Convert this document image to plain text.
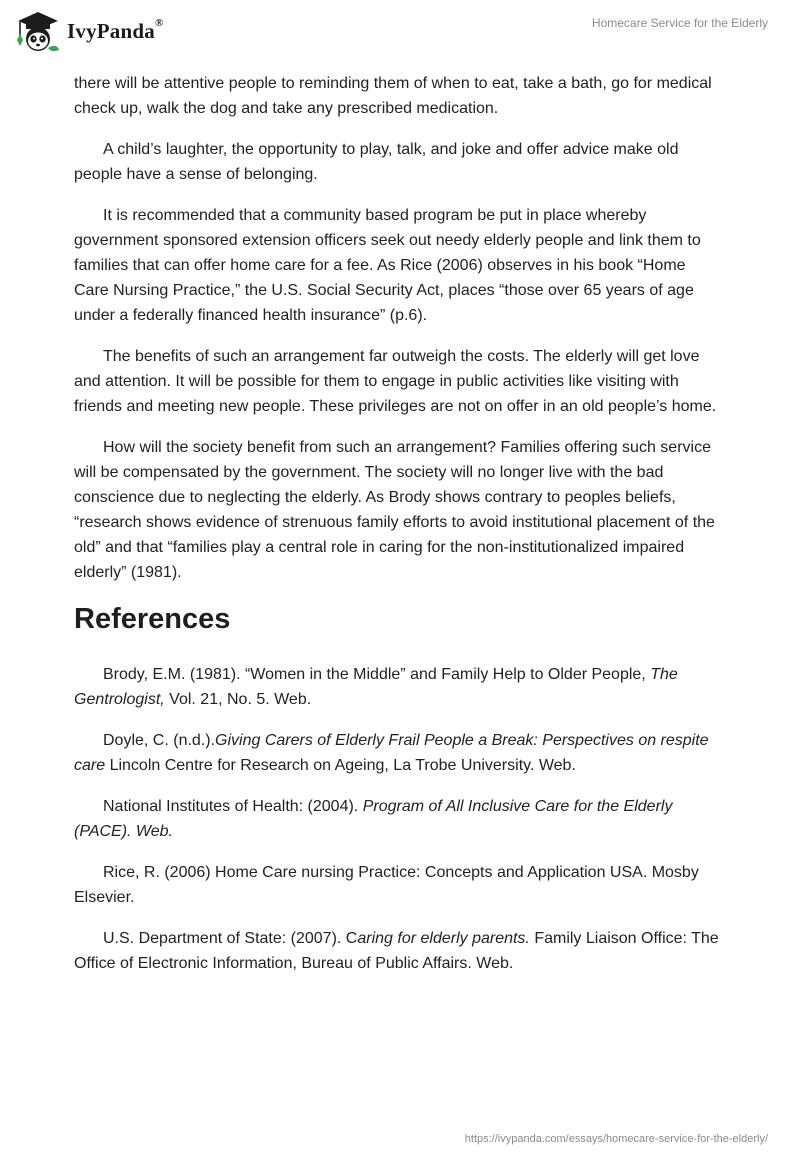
IvyPanda®	Homecare Service for the Elderly

there will be attentive people to reminding them of when to eat, take a bath, go for medical check up, walk the dog and take any prescribed medication.

A child’s laughter, the opportunity to play, talk, and joke and offer advice make old people have a sense of belonging.

It is recommended that a community based program be put in place whereby government sponsored extension officers seek out needy elderly people and link them to families that can offer home care for a fee. As Rice (2006) observes in his book “Home Care Nursing Practice,” the U.S. Social Security Act, places “those over 65 years of age under a federally financed health insurance” (p.6).

The benefits of such an arrangement far outweigh the costs. The elderly will get love and attention. It will be possible for them to engage in public activities like visiting with friends and meeting new people. These privileges are not on offer in an old people’s home.

How will the society benefit from such an arrangement? Families offering such service will be compensated by the government. The society will no longer live with the bad conscience due to neglecting the elderly. As Brody shows contrary to peoples beliefs, “research shows evidence of strenuous family efforts to avoid institutional placement of the old” and that “families play a central role in caring for the non-institutionalized impaired elderly” (1981).

References

Brody, E.M. (1981). “Women in the Middle” and Family Help to Older People, The Gentrologist, Vol. 21, No. 5. Web.

Doyle, C. (n.d.).Giving Carers of Elderly Frail People a Break: Perspectives on respite care Lincoln Centre for Research on Ageing, La Trobe University. Web.

National Institutes of Health: (2004). Program of All Inclusive Care for the Elderly (PACE). Web.

Rice, R. (2006) Home Care nursing Practice: Concepts and Application USA. Mosby Elsevier.

U.S. Department of State: (2007). Caring for elderly parents. Family Liaison Office: The Office of Electronic Information, Bureau of Public Affairs. Web.

https://ivypanda.com/essays/homecare-service-for-the-elderly/
